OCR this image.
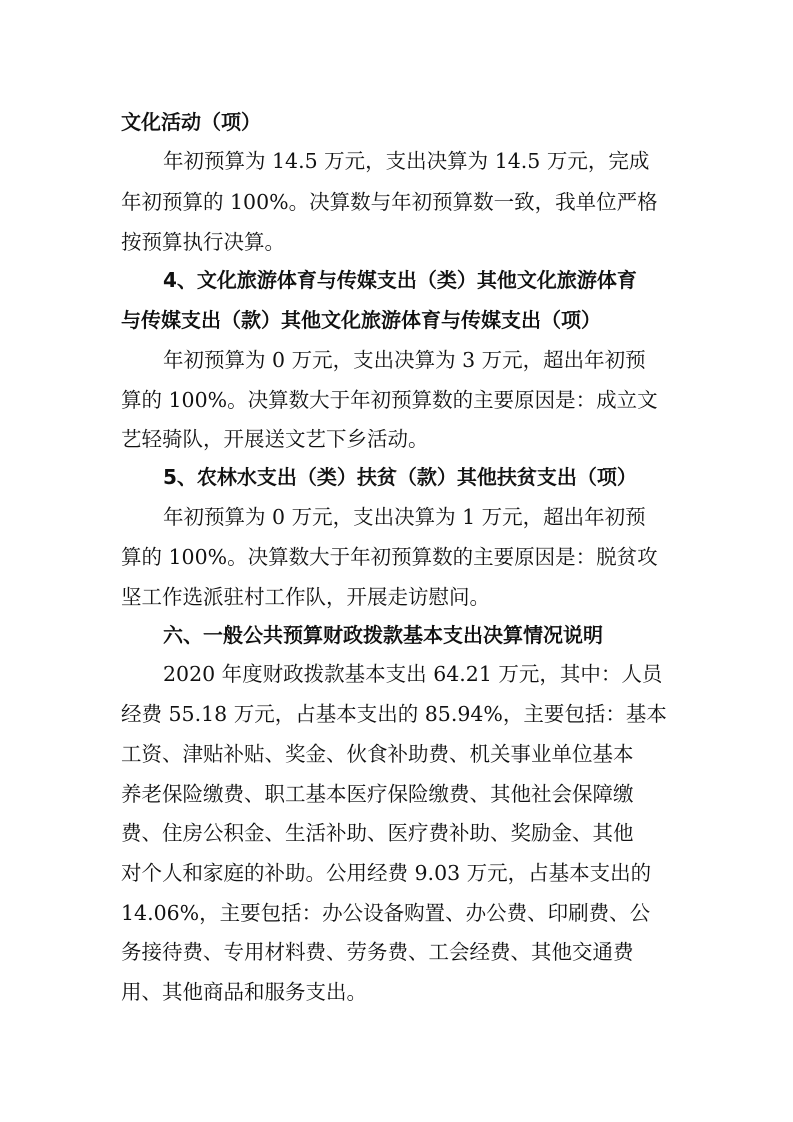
文化活动（项）

年初预算为 14.5 万元，支出决算为 14.5 万元，完成

年初预算的 100%。决算数与年初预算数一致，我单位严格

按预算执行决算。

4、文化旅游体育与传媒支出（类）其他文化旅游体育

与传媒支出（款）其他文化旅游体育与传媒支出（项）

年初预算为 0 万元，支出决算为 3 万元，超出年初预

算的 100%。决算数大于年初预算数的主要原因是：成立文

艺轻骑队，开展送文艺下乡活动。

5、农林水支出（类）扶贫（款）其他扶贫支出（项）

年初预算为 0 万元，支出决算为 1 万元，超出年初预

算的 100%。决算数大于年初预算数的主要原因是：脱贫攻

坚工作选派驻村工作队，开展走访慰问。

六、一般公共预算财政拨款基本支出决算情况说明

2020 年度财政拨款基本支出 64.21 万元，其中：人员

经费 55.18 万元，占基本支出的 85.94%，主要包括：基本

工资、津贴补贴、奖金、伙食补助费、机关事业单位基本

养老保险缴费、职工基本医疗保险缴费、其他社会保障缴

费、住房公积金、生活补助、医疗费补助、奖励金、其他

对个人和家庭的补助。公用经费 9.03 万元，占基本支出的

14.06%，主要包括：办公设备购置、办公费、印刷费、公

务接待费、专用材料费、劳务费、工会经费、其他交通费

用、其他商品和服务支出。
